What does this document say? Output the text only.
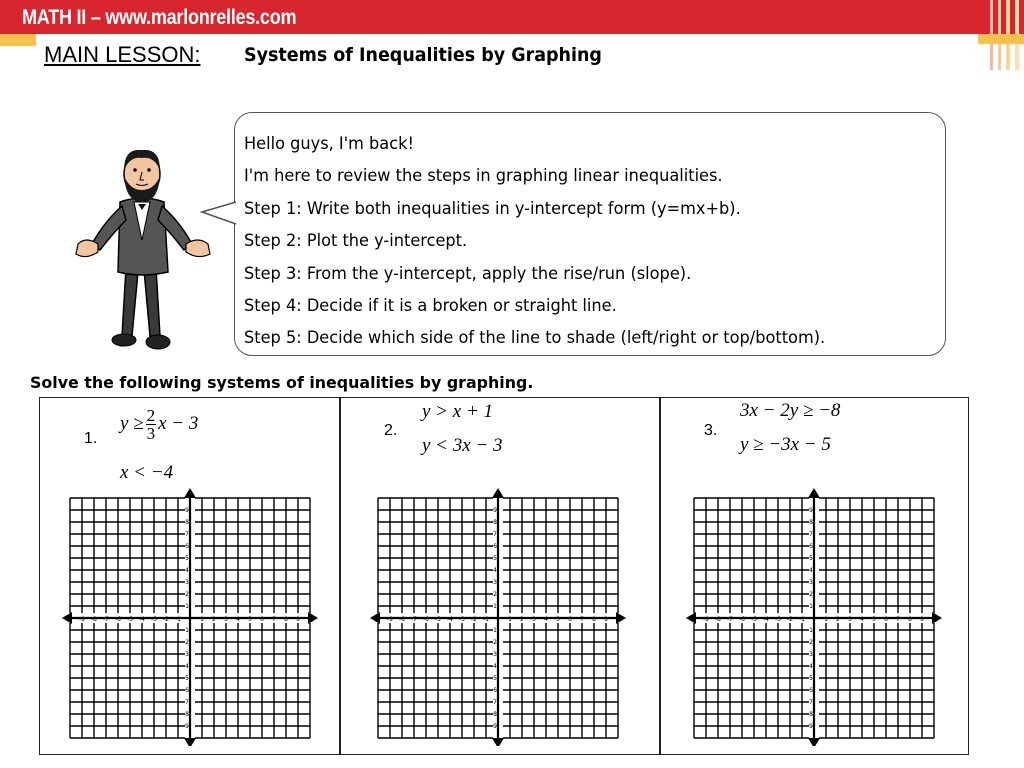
MATH II – www.marlonrelles.com
MAIN LESSON: Systems of Inequalities by Graphing
Hello guys, I'm back!
I'm here to review the steps in graphing linear inequalities.
Step 1: Write both inequalities in y-intercept form (y=mx+b).
Step 2: Plot the y-intercept.
Step 3: From the y-intercept, apply the rise/run (slope).
Step 4: Decide if it is a broken or straight line.
Step 5: Decide which side of the line to shade (left/right or top/bottom).
Solve the following systems of inequalities by graphing.
1.
$y \ge \frac{2}{3}$ x − 3
x < −4
2.
y > x + 1
y < 3x − 3
3.
3x − 2y ≥ −8
y ≥ −3x − 5
-9 -8 -7 -6 -5 -4 -3 -2 -1	1 2 3 4 5 6 7 8 9
9
8
7
6
5
4
3
2
1
-1
-2
-3
-4
-5
-6
-7
-8
-9
-9 -8 -7 -6 -5 -4 -3 -2 -1	1 2 3 4 5 6 7 8 9
9
8
7
6
5
4
3
2
1
-1
-2
-3
-4
-5
-6
-7
-8
-9
-9 -8 -7 -6 -5 -4 -3 -2 -1	1 2 3 4 5 6 7 8 9
9
8
7
6
5
4
3
2
1
-1
-2
-3
-4
-5
-6
-7
-8
-9
